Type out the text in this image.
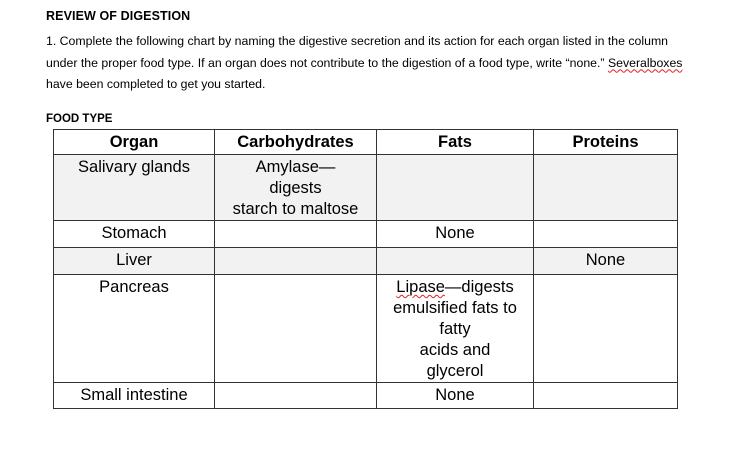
REVIEW OF DIGESTION

1. Complete the following chart by naming the digestive secretion and its action for each organ listed in the column under the proper food type. If an organ does not contribute to the digestion of a food type, write “none.” Severalboxes have been completed to get you started.

FOOD TYPE
Organ	Carbohydrates	Fats	Proteins

Salivary glands	Amylase—
digests
starch to maltose		

Stomach		None	

Liver			None

Pancreas		Lipase—digests
emulsified fats to
fatty
acids and
glycerol	

Small intestine		None	
